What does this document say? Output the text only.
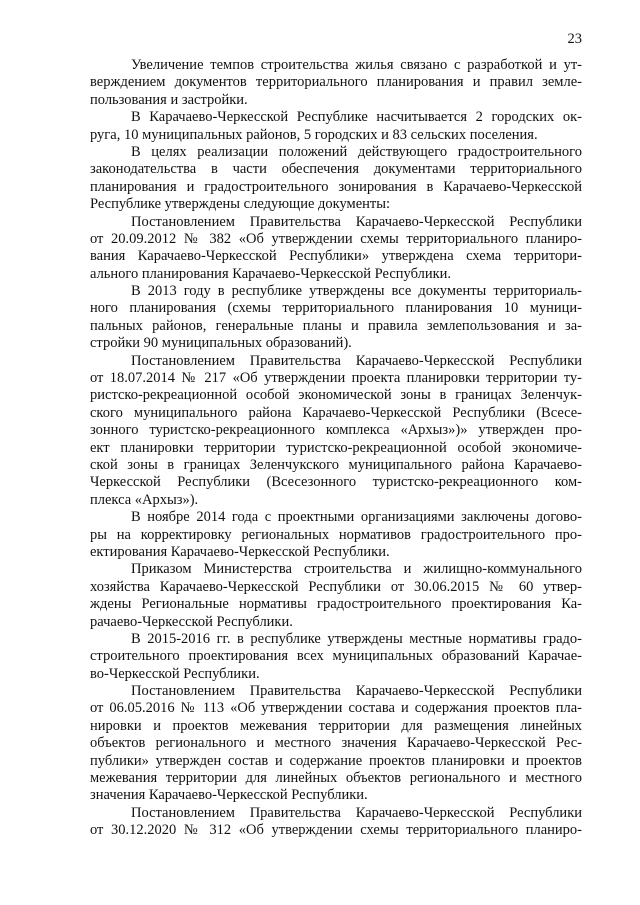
23
Увеличение темпов строительства жилья связано с разработкой и ут-
верждением документов территориального планирования и правил земле-
пользования и застройки.
В Карачаево-Черкесской Республике насчитывается 2 городских ок-
руга, 10 муниципальных районов, 5 городских и 83 сельских поселения.
В целях реализации положений действующего градостроительного
законодательства в части обеспечения документами территориального
планирования и градостроительного зонирования в Карачаево-Черкесской
Республике утверждены следующие документы:
Постановлением Правительства Карачаево-Черкесской Республики
от 20.09.2012 № 382 «Об утверждении схемы территориального планиро-
вания Карачаево-Черкесской Республики» утверждена схема территори-
ального планирования Карачаево-Черкесской Республики.
В 2013 году в республике утверждены все документы территориаль-
ного планирования (схемы территориального планирования 10 муници-
пальных районов, генеральные планы и правила землепользования и за-
стройки 90 муниципальных образований).
Постановлением Правительства Карачаево-Черкесской Республики
от 18.07.2014 № 217 «Об утверждении проекта планировки территории ту-
ристско-рекреационной особой экономической зоны в границах Зеленчук-
ского муниципального района Карачаево-Черкесской Республики (Всесе-
зонного туристско-рекреационного комплекса «Архыз»)» утвержден про-
ект планировки территории туристско-рекреационной особой экономиче-
ской зоны в границах Зеленчукского муниципального района Карачаево-
Черкесской Республики (Всесезонного туристско-рекреационного ком-
плекса «Архыз»).
В ноябре 2014 года с проектными организациями заключены догово-
ры на корректировку региональных нормативов градостроительного про-
ектирования Карачаево-Черкесской Республики.
Приказом Министерства строительства и жилищно-коммунального
хозяйства Карачаево-Черкесской Республики от 30.06.2015 № 60 утвер-
ждены Региональные нормативы градостроительного проектирования Ка-
рачаево-Черкесской Республики.
В 2015-2016 гг. в республике утверждены местные нормативы градо-
строительного проектирования всех муниципальных образований Карачае-
во-Черкесской Республики.
Постановлением Правительства Карачаево-Черкесской Республики
от 06.05.2016 № 113 «Об утверждении состава и содержания проектов пла-
нировки и проектов межевания территории для размещения линейных
объектов регионального и местного значения Карачаево-Черкесской Рес-
публики» утвержден состав и содержание проектов планировки и проектов
межевания территории для линейных объектов регионального и местного
значения Карачаево-Черкесской Республики.
Постановлением Правительства Карачаево-Черкесской Республики
от 30.12.2020 № 312 «Об утверждении схемы территориального планиро-
